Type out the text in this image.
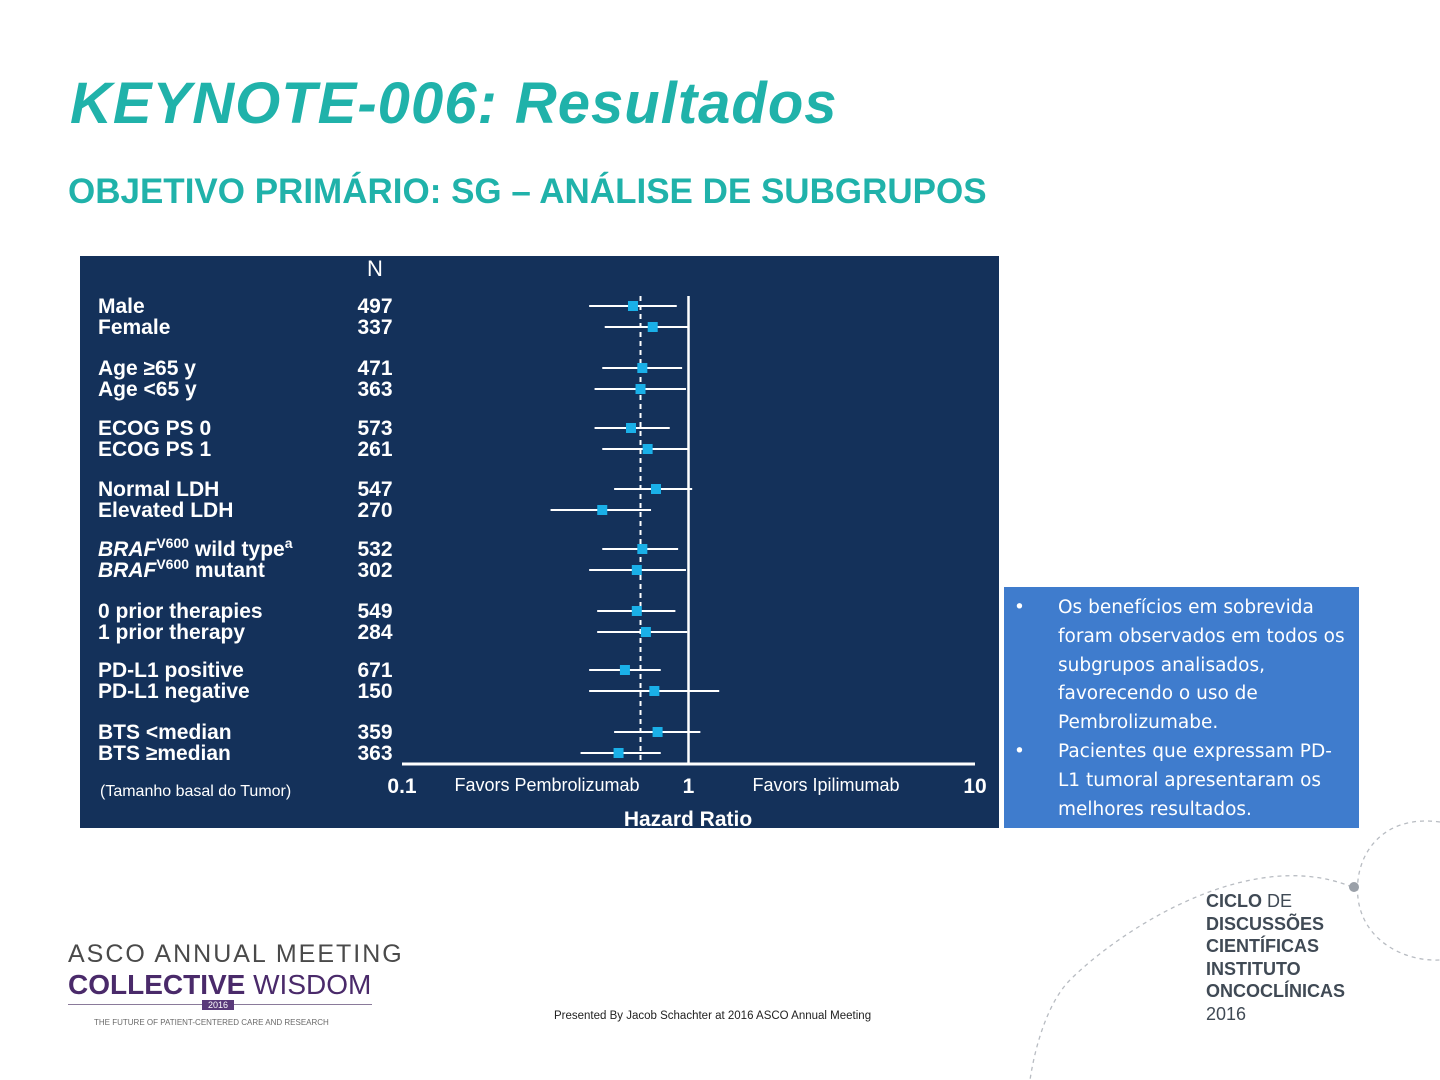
KEYNOTE-006: Resultados
OBJETIVO PRIMÁRIO: SG – ANÁLISE DE SUBGRUPOS
N
Male	497
Female	337
Age ≥65 y	471
Age <65 y	363
ECOG PS 0	573
ECOG PS 1	261
Normal LDH	547
Elevated LDH	270
$BRAF^{V600}$ wild type$^a$	532
$BRAF^{V600}$ mutant	302
0 prior therapies	549
1 prior therapy	284
PD-L1 positive	671
PD-L1 negative	150
BTS <median	359
BTS ≥median	363
0.1	1	10
Favors Pembrolizumab	Favors Ipilimumab
Hazard Ratio
(Tamanho basal do Tumor)
• Os benefícios em sobrevida foram observados em todos os subgrupos analisados, favorecendo o uso de Pembrolizumabe.
• Pacientes que expressam PD-L1 tumoral apresentaram os melhores resultados.
CICLO DE
DISCUSSÕES
CIENTÍFICAS
INSTITUTO
ONCOCLÍNICAS
2016
ASCO ANNUAL MEETING
COLLECTIVE WISDOM
2016
THE FUTURE OF PATIENT-CENTERED CARE AND RESEARCH
Presented By Jacob Schachter at 2016 ASCO Annual Meeting
